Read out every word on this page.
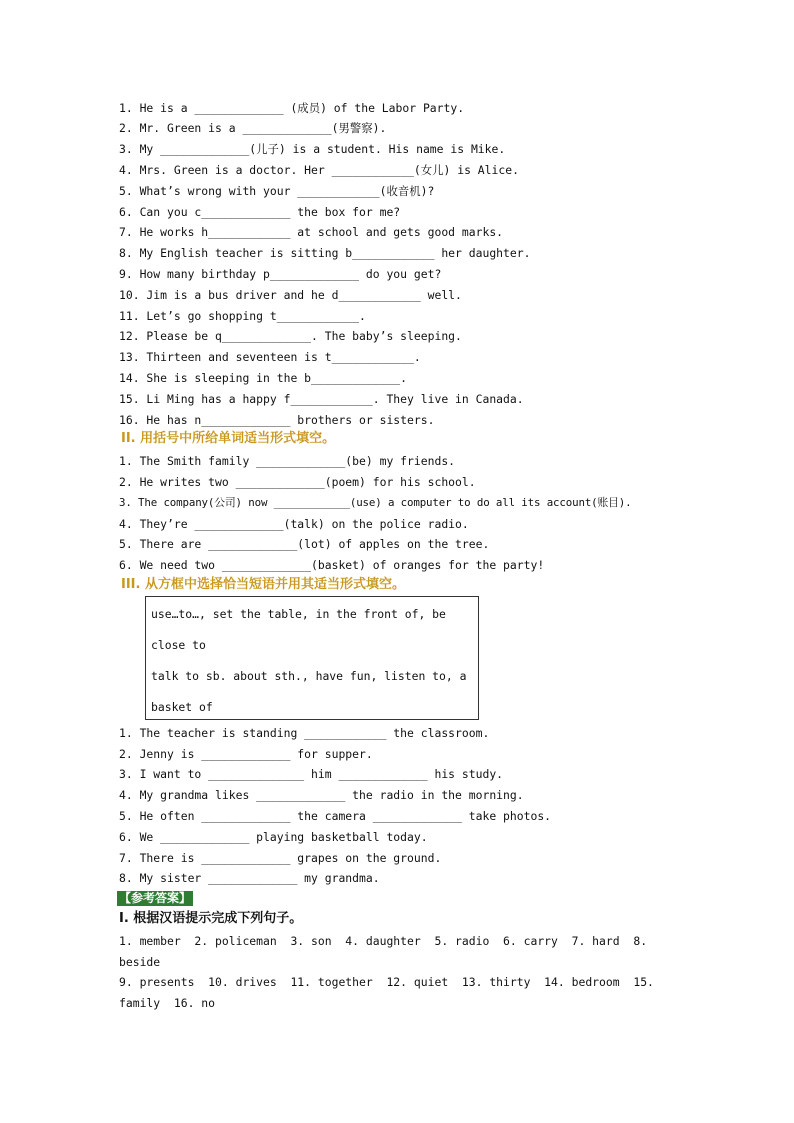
1. He is a _____________ (成员) of the Labor Party.
2. Mr. Green is a _____________(男警察).
3. My _____________(儿子) is a student. His name is Mike.
4. Mrs. Green is a doctor. Her ____________(女儿) is Alice.
5. What’s wrong with your ____________(收音机)?
6. Can you c_____________ the box for me?
7. He works h____________ at school and gets good marks.
8. My English teacher is sitting b____________ her daughter.
9. How many birthday p_____________ do you get?
10. Jim is a bus driver and he d____________ well.
11. Let’s go shopping t____________.
12. Please be q_____________. The baby’s sleeping.
13. Thirteen and seventeen is t____________.
14. She is sleeping in the b_____________.
15. Li Ming has a happy f____________. They live in Canada.
16. He has n_____________ brothers or sisters.
II. 用括号中所给单词适当形式填空。
1. The Smith family _____________(be) my friends.
2. He writes two _____________(poem) for his school.
3. The company(公司) now ____________(use) a computer to do all its account(账目).
4. They’re _____________(talk) on the police radio.
5. There are _____________(lot) of apples on the tree.
6. We need two _____________(basket) of oranges for the party!
III. 从方框中选择恰当短语并用其适当形式填空。
use…to…, set the table, in the front of, be
close to
talk to sb. about sth., have fun, listen to, a
basket of
1. The teacher is standing ____________ the classroom.
2. Jenny is _____________ for supper.
3. I want to ______________ him _____________ his study.
4. My grandma likes _____________ the radio in the morning.
5. He often _____________ the camera _____________ take photos.
6. We _____________ playing basketball today.
7. There is _____________ grapes on the ground.
8. My sister _____________ my grandma.
【参考答案】
I. 根据汉语提示完成下列句子。
1. member  2. policeman  3. son  4. daughter  5. radio  6. carry  7. hard  8.
beside
9. presents  10. drives  11. together  12. quiet  13. thirty  14. bedroom  15.
family  16. no
